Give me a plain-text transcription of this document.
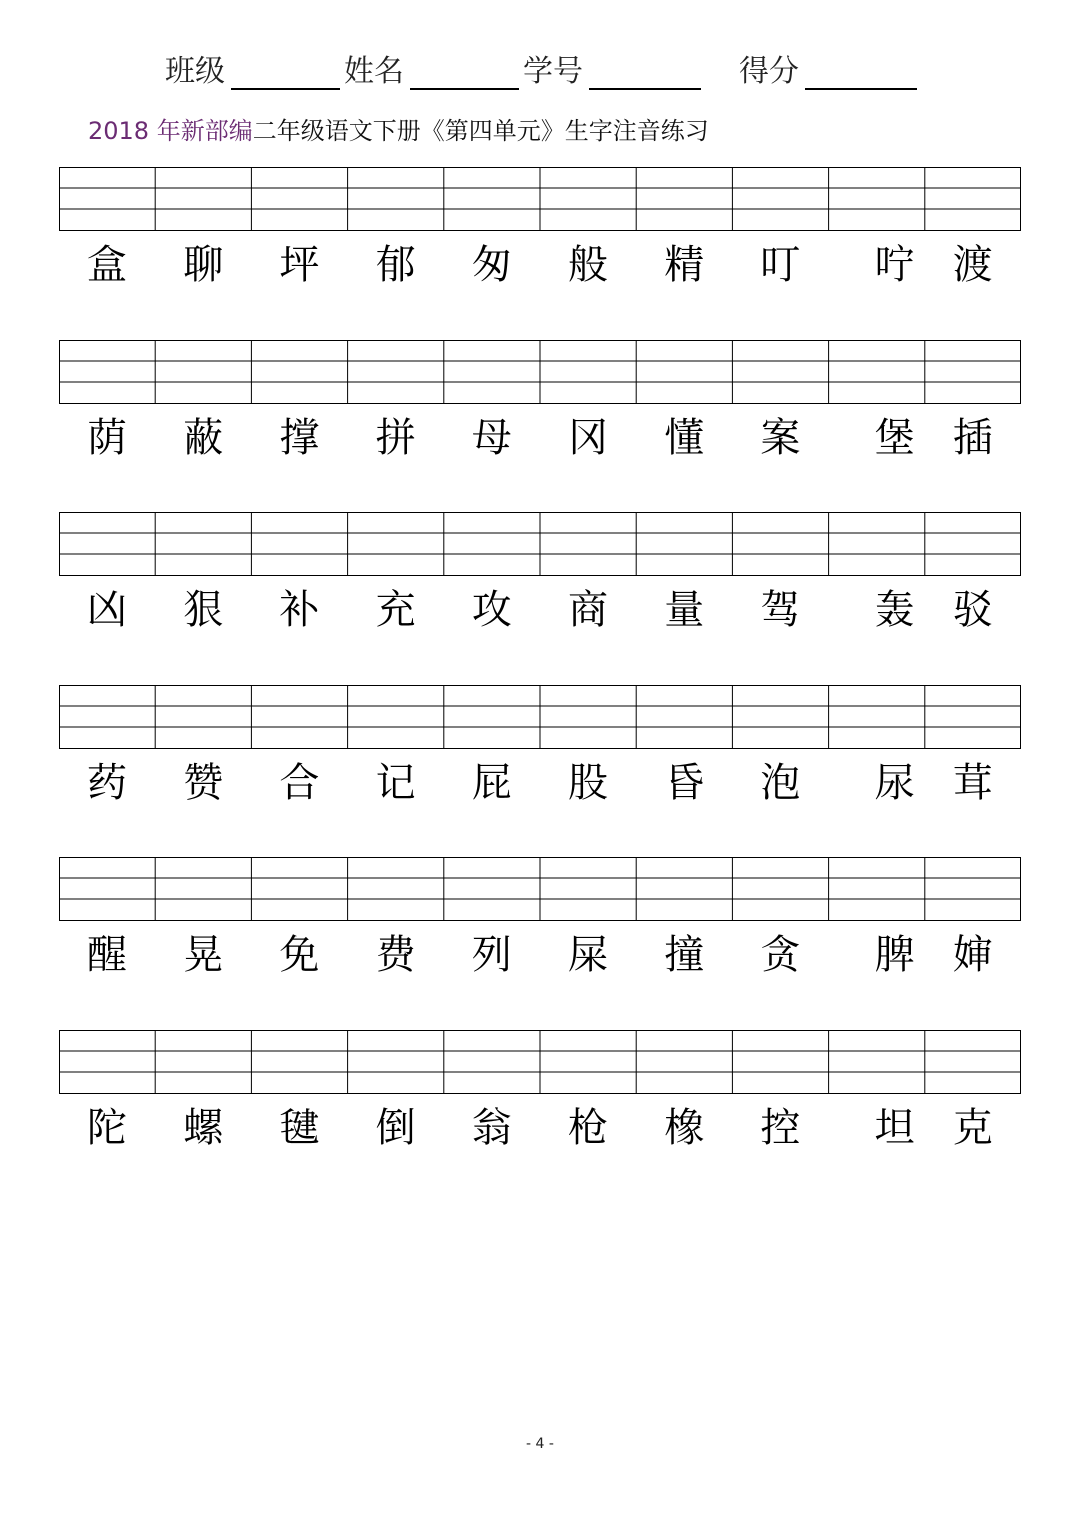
班级	姓名	学号	得分
2018 年新部编二年级语文下册《第四单元》生字注音练习
盒	聊	坪	郁	匆	般	精	叮	咛 渡
荫	蔽	撑	拼	母	冈	懂	案	堡 插
凶	狠	补	充	攻	商	量	驾	轰 驳
药	赞	合	记	屁	股	昏	泡	尿 茸
醒	晃	免	费	列	屎	撞	贪	脾 婶
陀	螺	毽	倒	翁	枪	橡	控	坦 克
- 4 -
